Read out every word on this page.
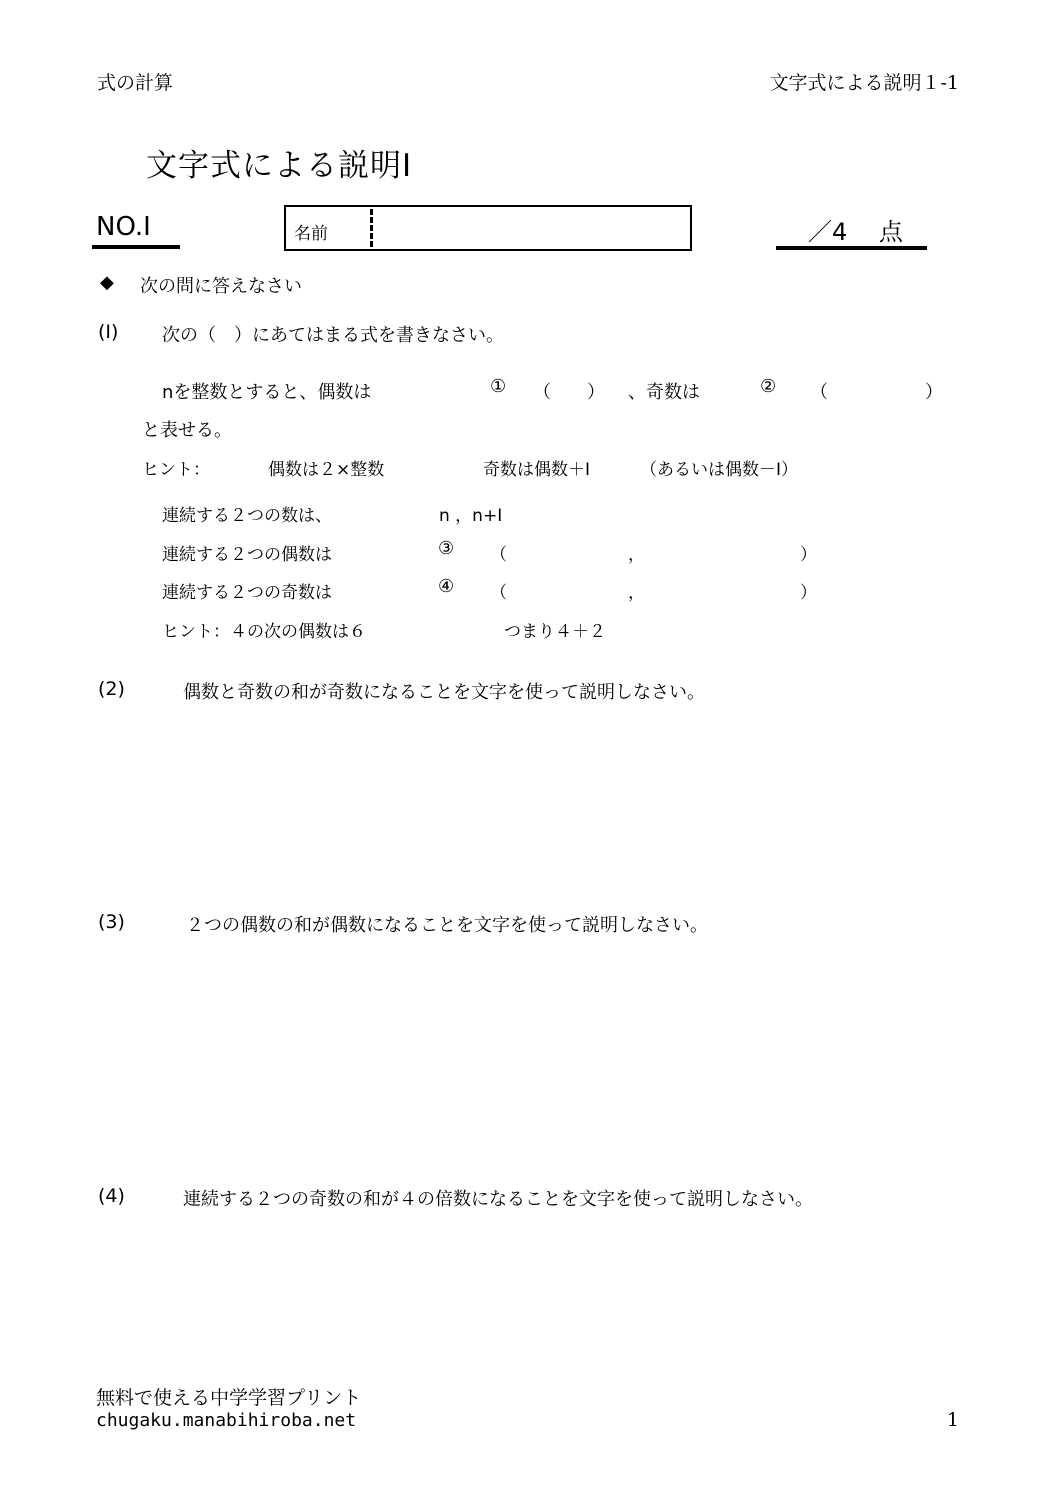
式の計算	文字式による説明１-1
文字式による説明Ⅰ
NO.Ⅰ	名前	／4　 点
◆ 次の問に答えなさい
(Ⅰ) 次の（　）にあてはまる式を書きなさい。
nを整数とすると、偶数は	① （　　） 、奇数は	② （	）
と表せる。
ヒント：	偶数は２×整数	奇数は偶数＋Ⅰ	（あるいは偶数－Ⅰ）
連続する２つの数は、	n ，n+Ⅰ
連続する２つの偶数は	③ （	，	）
連続する２つの奇数は	④ （	，	）
ヒント：４の次の偶数は６	つまり４＋２
(2)	偶数と奇数の和が奇数になることを文字を使って説明しなさい。
(3)	２つの偶数の和が偶数になることを文字を使って説明しなさい。
(4)	連続する２つの奇数の和が４の倍数になることを文字を使って説明しなさい。
無料で使える中学学習プリント
chugaku.manabihiroba.net	1
